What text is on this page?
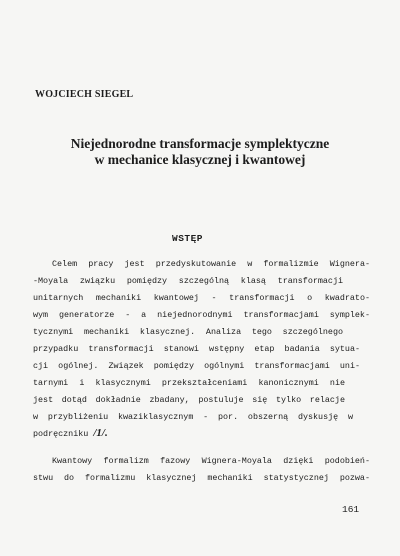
WOJCIECH SIEGEL
Niejednorodne transformacje symplektyczne
w mechanice klasycznej i kwantowej
WSTĘP
Celem pracy jest przedyskutowanie w formalizmie Wignera-
-Moyala związku pomiędzy szczególną klasą transformacji
unitarnych mechaniki kwantowej - transformacji o kwadrato-
wym generatorze - a niejednorodnymi transformacjami symplek-
tycznymi mechaniki klasycznej. Analiza tego szczególnego
przypadku transformacji stanowi wstępny etap badania sytua-
cji ogólnej. Związek pomiędzy ogólnymi transformacjami uni-
tarnymi i klasycznymi przekształceniami kanonicznymi nie
jest dotąd dokładnie zbadany, postuluje się tylko relacje
w przybliżeniu kwaziklasycznym - por. obszerną dyskusję w
podręczniku /1/.
Kwantowy formalizm fazowy Wignera-Moyala dzięki podobień-
stwu do formalizmu klasycznej mechaniki statystycznej pozwa-
161
